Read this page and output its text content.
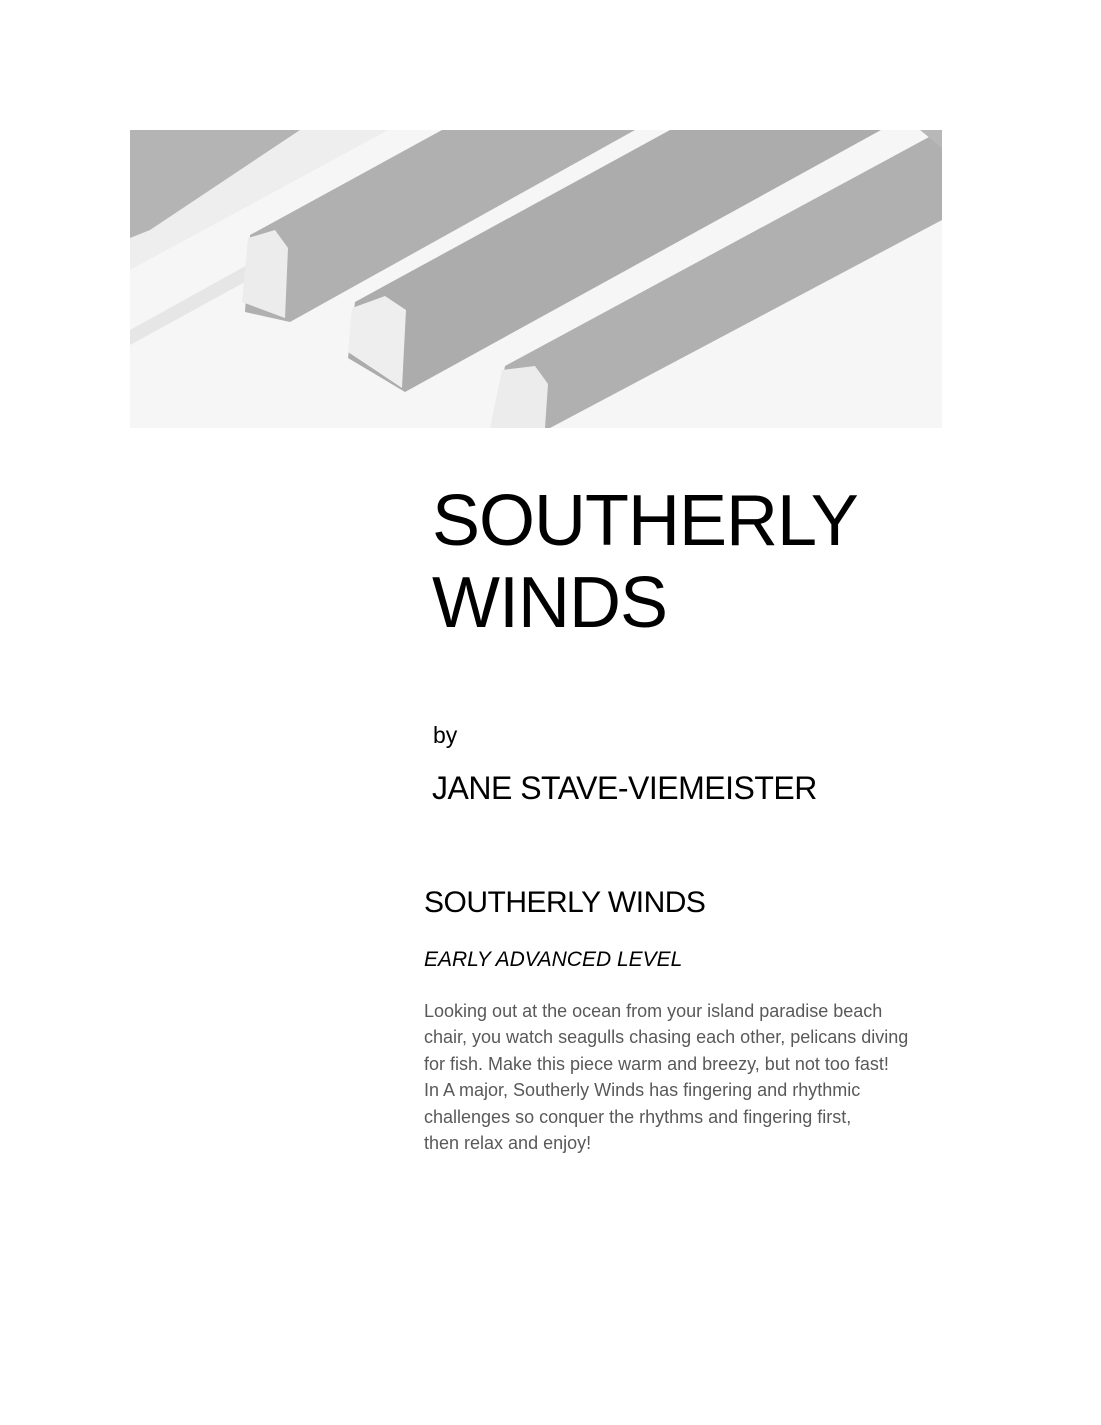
SOUTHERLY
WINDS
by
JANE STAVE-VIEMEISTER
SOUTHERLY WINDS
EARLY ADVANCED LEVEL
Looking out at the ocean from your island paradise beach
chair, you watch seagulls chasing each other, pelicans diving
for fish. Make this piece warm and breezy, but not too fast!
In A major, Southerly Winds has fingering and rhythmic
challenges so conquer the rhythms and fingering first,
then relax and enjoy!
